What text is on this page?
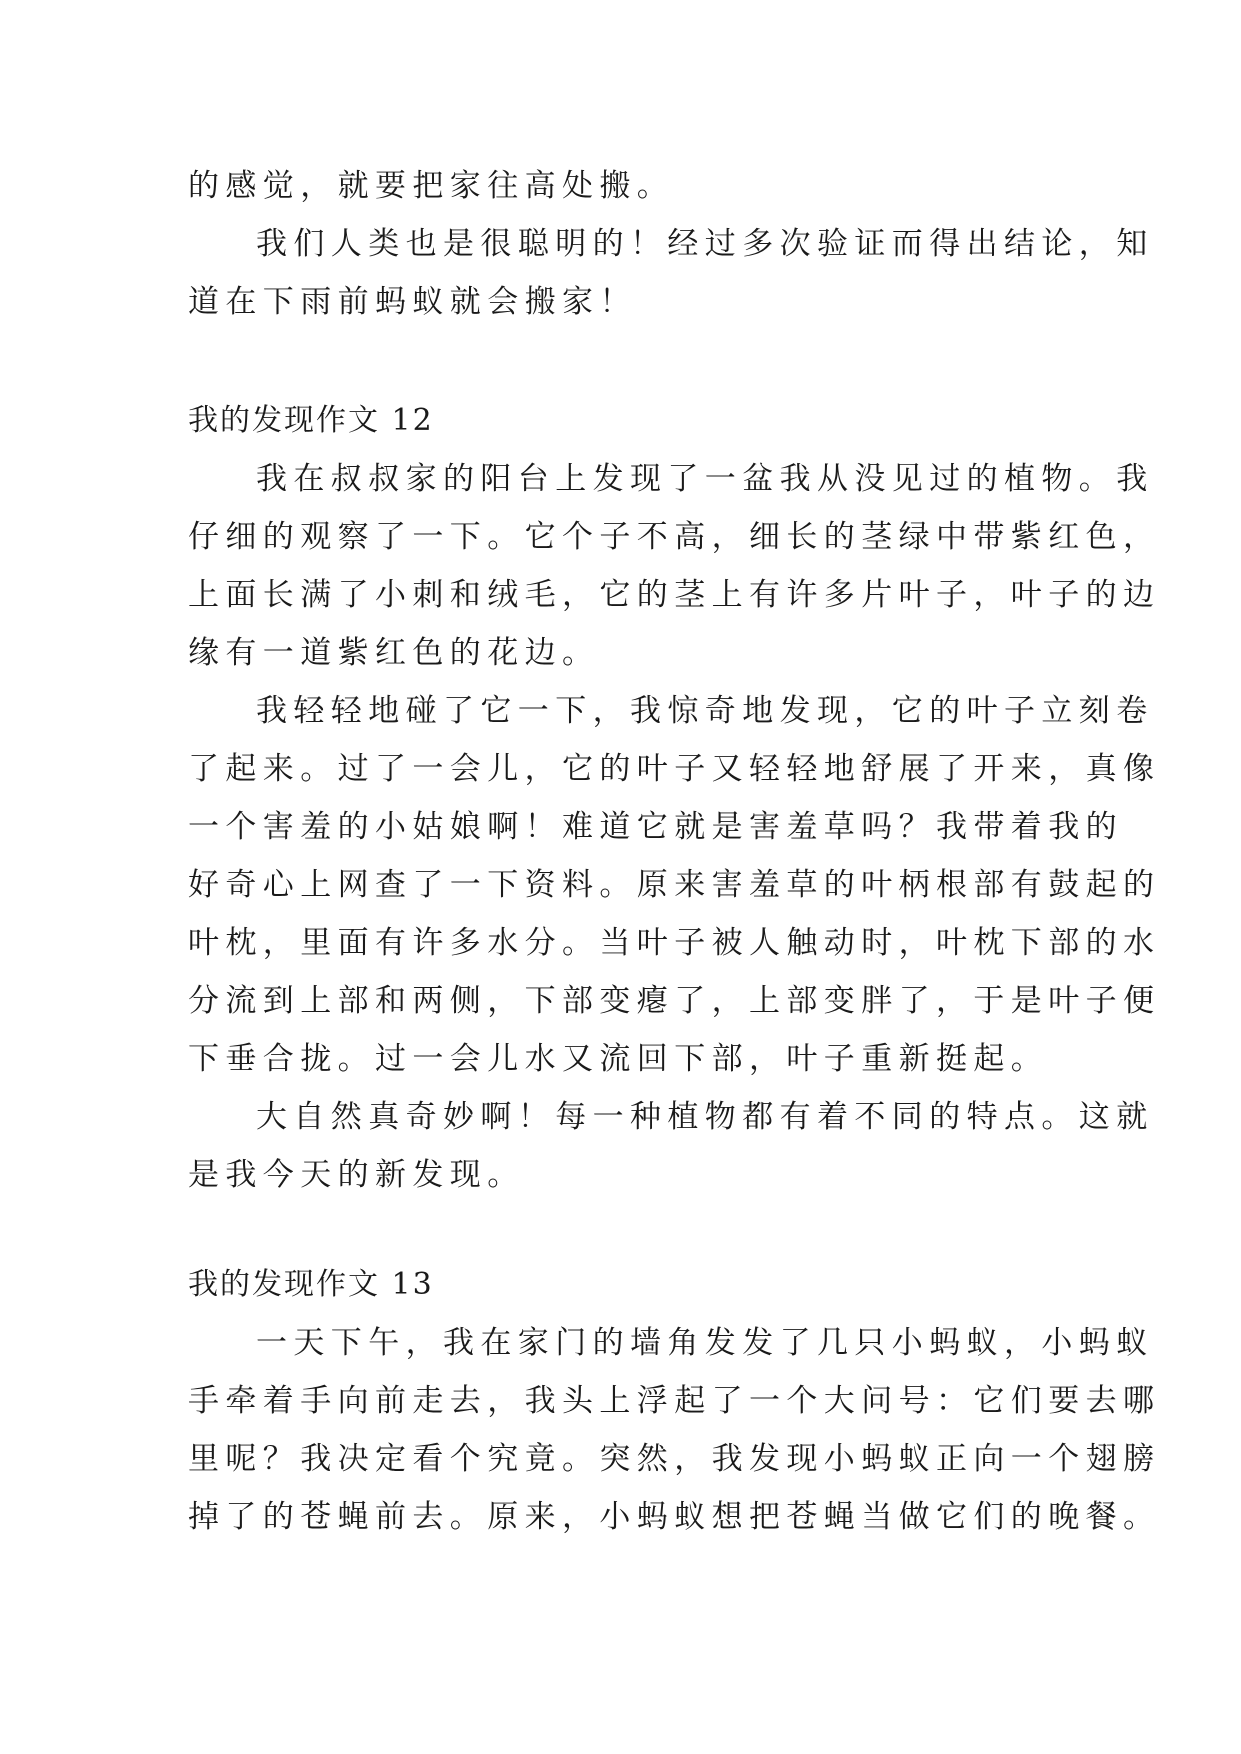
的感觉，就要把家往高处搬。
我们人类也是很聪明的！经过多次验证而得出结论，知
道在下雨前蚂蚁就会搬家！
我的发现作文 12
我在叔叔家的阳台上发现了一盆我从没见过的植物。我
仔细的观察了一下。它个子不高，细长的茎绿中带紫红色，
上面长满了小刺和绒毛，它的茎上有许多片叶子，叶子的边
缘有一道紫红色的花边。
我轻轻地碰了它一下，我惊奇地发现，它的叶子立刻卷
了起来。过了一会儿，它的叶子又轻轻地舒展了开来，真像
一个害羞的小姑娘啊！难道它就是害羞草吗？我带着我的
好奇心上网查了一下资料。原来害羞草的叶柄根部有鼓起的
叶枕，里面有许多水分。当叶子被人触动时，叶枕下部的水
分流到上部和两侧，下部变瘪了，上部变胖了，于是叶子便
下垂合拢。过一会儿水又流回下部，叶子重新挺起。
大自然真奇妙啊！每一种植物都有着不同的特点。这就
是我今天的新发现。
我的发现作文 13
一天下午，我在家门的墙角发发了几只小蚂蚁，小蚂蚁
手牵着手向前走去，我头上浮起了一个大问号：它们要去哪
里呢？我决定看个究竟。突然，我发现小蚂蚁正向一个翅膀
掉了的苍蝇前去。原来，小蚂蚁想把苍蝇当做它们的晚餐。
